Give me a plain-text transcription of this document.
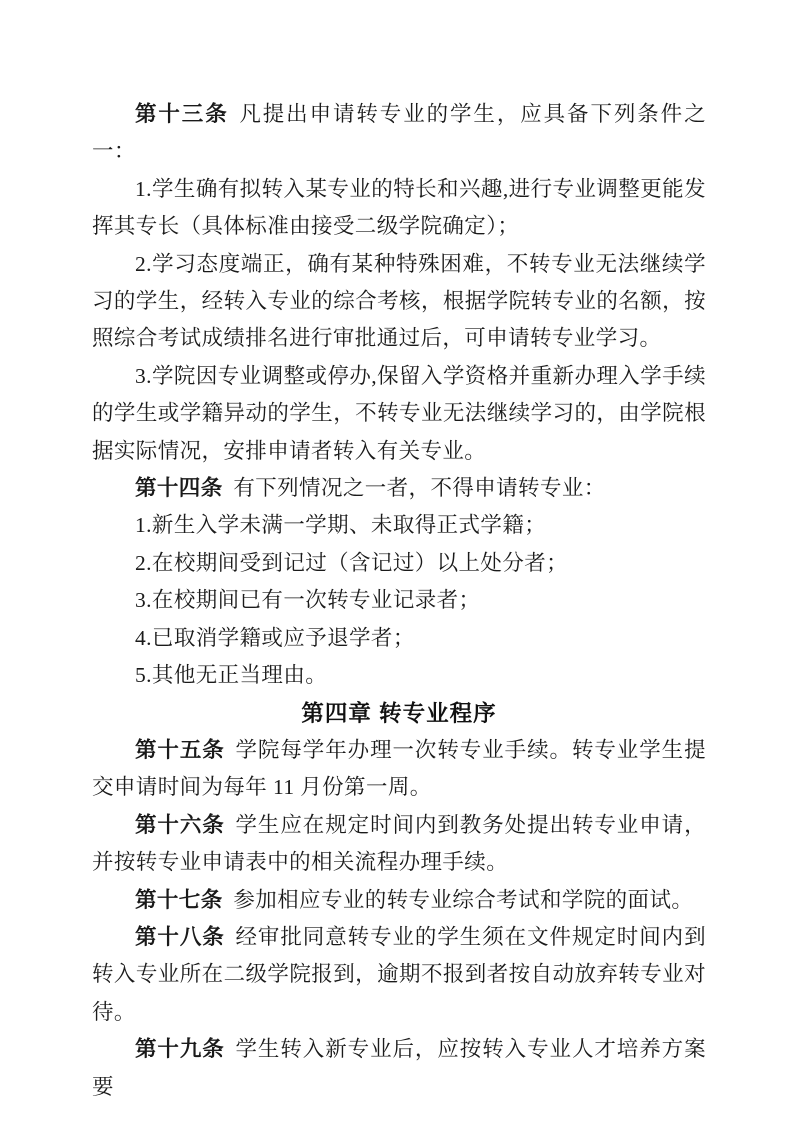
第十三条 凡提出申请转专业的学生，应具备下列条件之一：

1.学生确有拟转入某专业的特长和兴趣,进行专业调整更能发挥其专长（具体标准由接受二级学院确定）；

2.学习态度端正，确有某种特殊困难，不转专业无法继续学习的学生，经转入专业的综合考核，根据学院转专业的名额，按照综合考试成绩排名进行审批通过后，可申请转专业学习。

3.学院因专业调整或停办,保留入学资格并重新办理入学手续的学生或学籍异动的学生，不转专业无法继续学习的，由学院根据实际情况，安排申请者转入有关专业。

第十四条 有下列情况之一者，不得申请转专业：

1.新生入学未满一学期、未取得正式学籍；

2.在校期间受到记过（含记过）以上处分者；

3.在校期间已有一次转专业记录者；

4.已取消学籍或应予退学者；

5.其他无正当理由。

第四章 转专业程序

第十五条 学院每学年办理一次转专业手续。转专业学生提交申请时间为每年 11 月份第一周。

第十六条 学生应在规定时间内到教务处提出转专业申请，并按转专业申请表中的相关流程办理手续。

第十七条 参加相应专业的转专业综合考试和学院的面试。

第十八条 经审批同意转专业的学生须在文件规定时间内到转入专业所在二级学院报到，逾期不报到者按自动放弃转专业对待。

第十九条 学生转入新专业后，应按转入专业人才培养方案要
